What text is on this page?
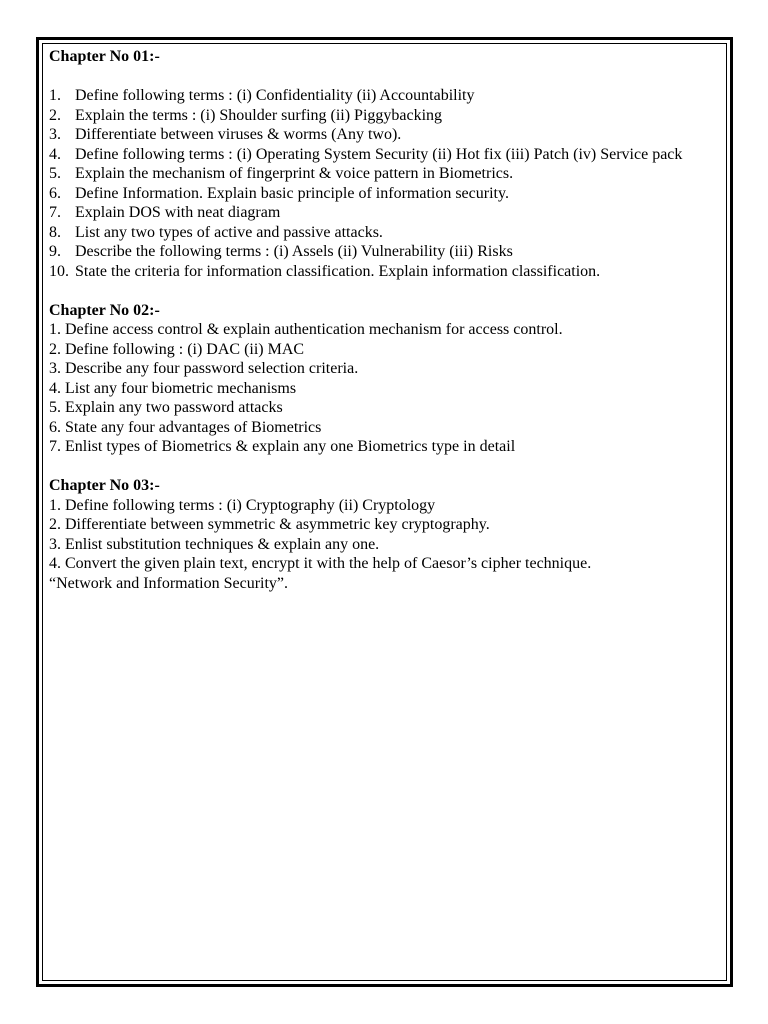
Chapter No 01:-

1. Define following terms : (i) Confidentiality (ii) Accountability
2. Explain the terms : (i) Shoulder surfing (ii) Piggybacking
3. Differentiate between viruses & worms (Any two).
4. Define following terms : (i) Operating System Security (ii) Hot fix (iii) Patch (iv) Service pack
5. Explain the mechanism of fingerprint & voice pattern in Biometrics.
6. Define Information. Explain basic principle of information security.
7. Explain DOS with neat diagram
8. List any two types of active and passive attacks.
9. Describe the following terms : (i) Assels (ii) Vulnerability (iii) Risks
10. State the criteria for information classification. Explain information classification.

Chapter No 02:-

1. Define access control & explain authentication mechanism for access control.
2. Define following : (i) DAC (ii) MAC
3. Describe any four password selection criteria.
4. List any four biometric mechanisms
5. Explain any two password attacks
6. State any four advantages of Biometrics
7. Enlist types of Biometrics & explain any one Biometrics type in detail

Chapter No 03:-

1. Define following terms : (i) Cryptography (ii) Cryptology
2. Differentiate between symmetric & asymmetric key cryptography.
3. Enlist substitution techniques & explain any one.
4.Convert the given plain text, encrypt it with the help of Caesor’s cipher technique.

“Network and Information Security”.
